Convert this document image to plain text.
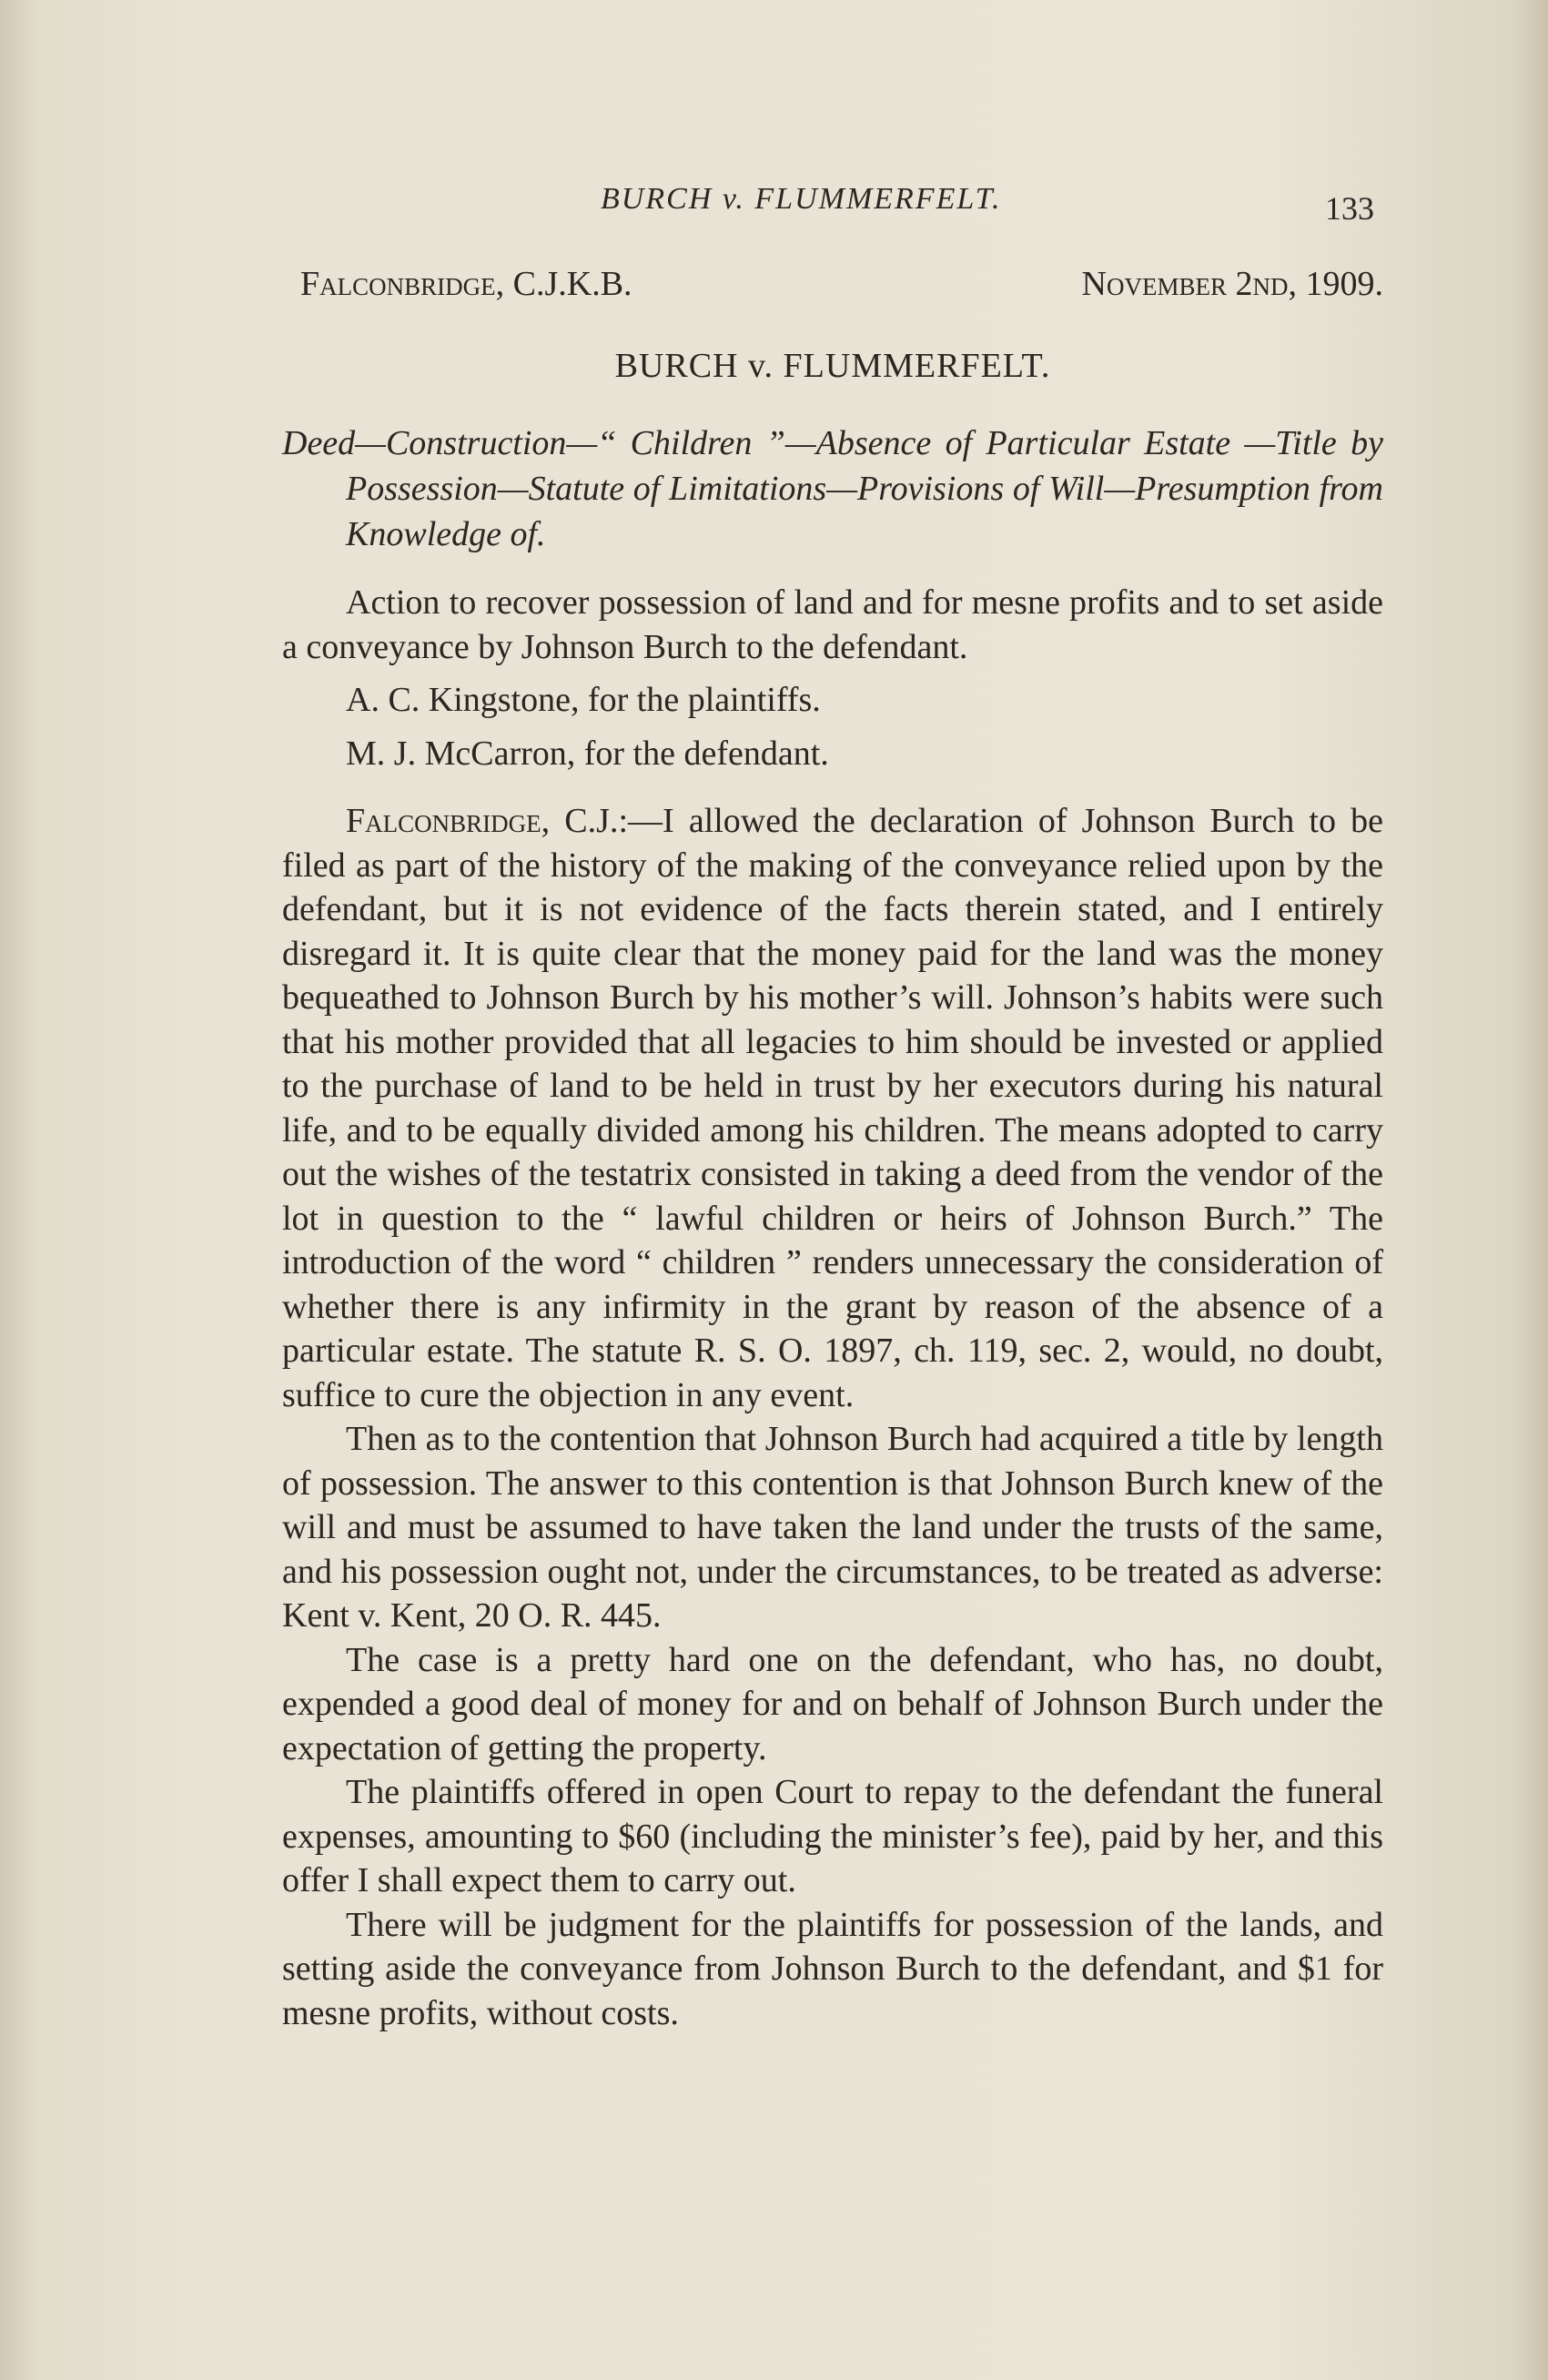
BURCH v. FLUMMERFELT.	133
Falconbridge, C.J.K.B.	November 2nd, 1909.
BURCH v. FLUMMERFELT.
Deed—Construction—“ Children ”—Absence of Particular Estate —Title by Possession—Statute of Limitations—Provisions of Will—Presumption from Knowledge of.

Action to recover possession of land and for mesne profits and to set aside a conveyance by Johnson Burch to the defendant.

A. C. Kingstone, for the plaintiffs.

M. J. McCarron, for the defendant.

Falconbridge, C.J.:—I allowed the declaration of Johnson Burch to be filed as part of the history of the making of the conveyance relied upon by the defendant, but it is not evidence of the facts therein stated, and I entirely disregard it. It is quite clear that the money paid for the land was the money bequeathed to Johnson Burch by his mother’s will. Johnson’s habits were such that his mother provided that all legacies to him should be invested or applied to the purchase of land to be held in trust by her executors during his natural life, and to be equally divided among his children. The means adopted to carry out the wishes of the testatrix consisted in taking a deed from the vendor of the lot in question to the “ lawful children or heirs of Johnson Burch.” The introduction of the word “ children ” renders unnecessary the consideration of whether there is any infirmity in the grant by reason of the absence of a particular estate. The statute R. S. O. 1897, ch. 119, sec. 2, would, no doubt, suffice to cure the objection in any event.

Then as to the contention that Johnson Burch had acquired a title by length of possession. The answer to this contention is that Johnson Burch knew of the will and must be assumed to have taken the land under the trusts of the same, and his possession ought not, under the circumstances, to be treated as adverse: Kent v. Kent, 20 O. R. 445.

The case is a pretty hard one on the defendant, who has, no doubt, expended a good deal of money for and on behalf of Johnson Burch under the expectation of getting the property.

The plaintiffs offered in open Court to repay to the defendant the funeral expenses, amounting to $60 (including the minister’s fee), paid by her, and this offer I shall expect them to carry out.

There will be judgment for the plaintiffs for possession of the lands, and setting aside the conveyance from Johnson Burch to the defendant, and $1 for mesne profits, without costs.
